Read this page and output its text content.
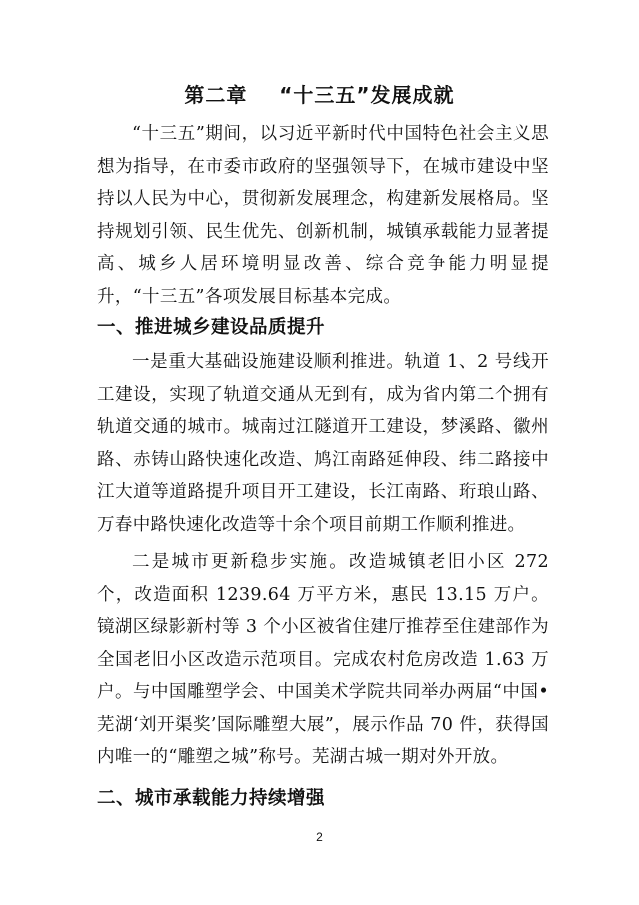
第二章    “十三五”发展成就

“十三五”期间，以习近平新时代中国特色社会主义思想为指导，在市委市政府的坚强领导下，在城市建设中坚持以人民为中心，贯彻新发展理念，构建新发展格局。坚持规划引领、民生优先、创新机制，城镇承载能力显著提高、城乡人居环境明显改善、综合竞争能力明显提升，“十三五”各项发展目标基本完成。

一、推进城乡建设品质提升

一是重大基础设施建设顺利推进。轨道 1、2 号线开工建设，实现了轨道交通从无到有，成为省内第二个拥有轨道交通的城市。城南过江隧道开工建设，梦溪路、徽州路、赤铸山路快速化改造、鸠江南路延伸段、纬二路接中江大道等道路提升项目开工建设，长江南路、珩琅山路、万春中路快速化改造等十余个项目前期工作顺利推进。

二是城市更新稳步实施。改造城镇老旧小区 272 个，改造面积 1239.64 万平方米，惠民 13.15 万户。镜湖区绿影新村等 3 个小区被省住建厅推荐至住建部作为全国老旧小区改造示范项目。完成农村危房改造 1.63 万户。与中国雕塑学会、中国美术学院共同举办两届“中国•芜湖‘刘开渠奖’国际雕塑大展”，展示作品 70 件，获得国内唯一的“雕塑之城”称号。芜湖古城一期对外开放。

二、城市承载能力持续增强
2
